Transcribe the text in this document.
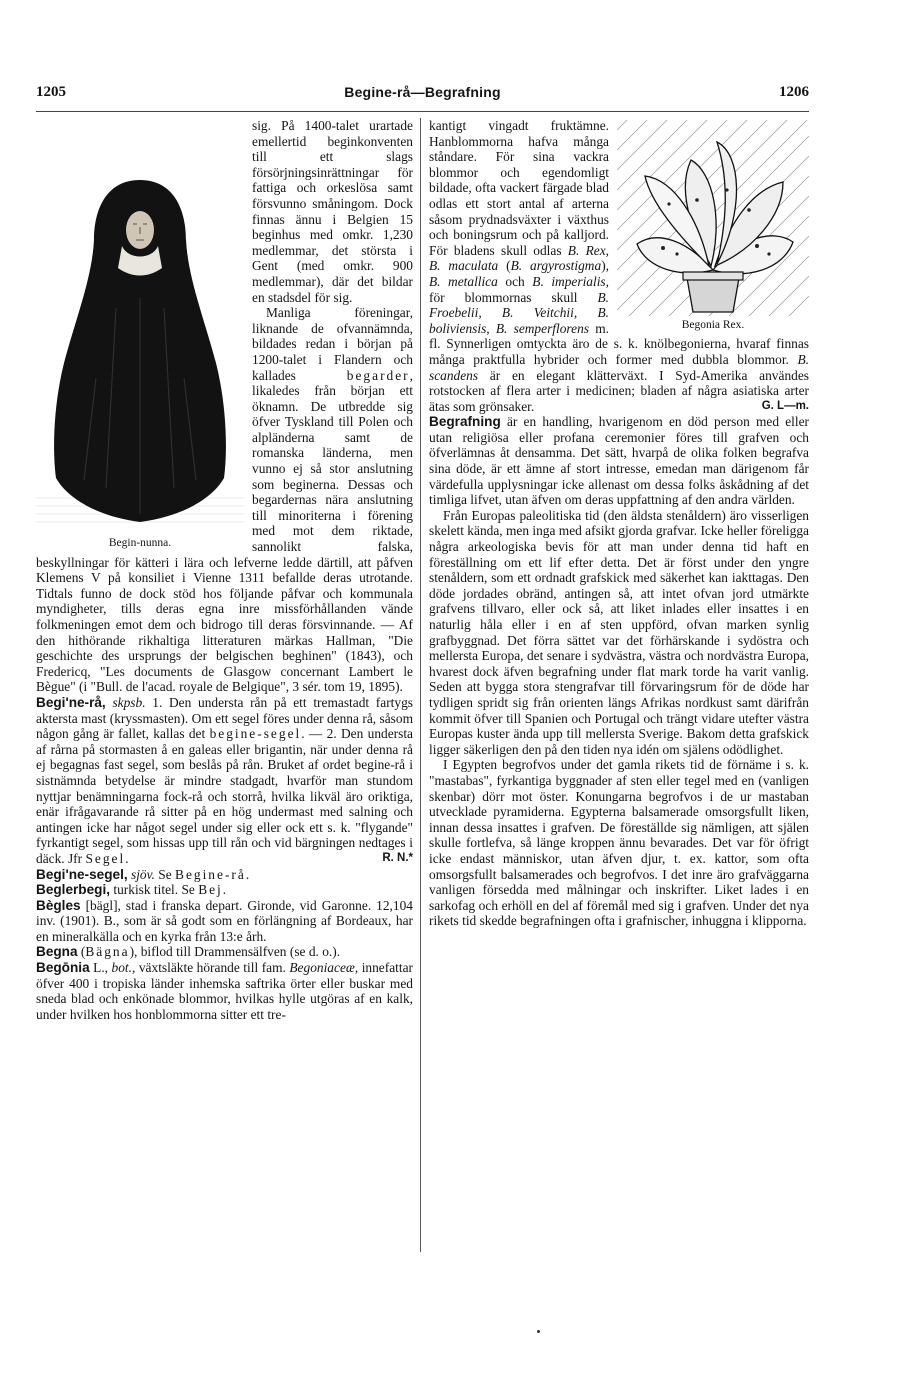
1205	Begine-rå—Begrafning	1206
Begin-nunna.

sig. På 1400-talet urartade emellertid beginkonventen till ett slags försörjningsinrättningar för fattiga och orkeslösa samt försvunno småningom. Dock finnas ännu i Belgien 15 beginhus med omkr. 1,230 medlemmar, det största i Gent (med omkr. 900 medlemmar), där det bildar en stadsdel för sig.

Manliga föreningar, liknande de ofvannämnda, bildades redan i början på 1200-talet i Flandern och kallades begarder, likaledes från början ett öknamn. De utbredde sig öfver Tyskland till Polen och alpländerna samt de romanska länderna, men vunno ej så stor anslutning som beginerna. Dessas och begardernas nära anslutning till minoriterna i förening med mot dem riktade, sannolikt falska, beskyllningar för kätteri i lära och lefverne ledde därtill, att påfven Klemens V på konsiliet i Vienne 1311 befallde deras utrotande. Tidtals funno de dock stöd hos följande påfvar och kommunala myndigheter, tills deras egna inre missförhållanden vände folkmeningen emot dem och bidrogo till deras försvinnande. — Af den hithörande rikhaltiga litteraturen märkas Hallman, "Die geschichte des ursprungs der belgischen beghinen" (1843), och Fredericq, "Les documents de Glasgow concernant Lambert le Bègue" (i "Bull. de l'acad. royale de Belgique", 3 sér. tom 19, 1895).

Begi'ne-rå, skpsb. 1. Den understa rån på ett tremastadt fartygs aktersta mast (kryssmasten). Om ett segel föres under denna rå, såsom någon gång är fallet, kallas det begine-segel. — 2. Den understa af rårna på stormasten å en galeas eller brigantin, när under denna rå ej begagnas fast segel, som beslås på rån. Bruket af ordet begine-rå i sistnämnda betydelse är mindre stadgadt, hvarför man stundom nyttjar benämningarna fock-rå och storrå, hvilka likväl äro oriktiga, enär ifrågavarande rå sitter på en hög undermast med salning och antingen icke har något segel under sig eller ock ett s. k. "flygande" fyrkantigt segel, som hissas upp till rån och vid bärgningen nedtages i däck. Jfr Segel.	R. N.*

Begi'ne-segel, sjöv. Se Begine-rå.

Beglerbegi, turkisk titel. Se Bej.

Bègles [bägl], stad i franska depart. Gironde, vid Garonne. 12,104 inv. (1901). B., som är så godt som en förlängning af Bordeaux, har en mineralkälla och en kyrka från 13:e årh.

Begna (Bägna), biflod till Drammensälfven (se d. o.).

Begōnia L., bot., växtsläkte hörande till fam. Begoniaceæ, innefattar öfver 400 i tropiska länder inhemska saftrika örter eller buskar med sneda blad och enkönade blommor, hvilkas hylle utgöras af en kalk, under hvilken hos honblommorna sitter ett tre-

Begonia Rex.
kantigt vingadt fruktämne. Hanblommorna hafva många ståndare. För sina vackra blommor och egendomligt bildade, ofta vackert färgade blad odlas ett stort antal af arterna såsom prydnadsväxter i växthus och boningsrum och på kalljord. För bladens skull odlas B. Rex, B. maculata (B. argyrostigma), B. metallica och B. imperialis, för blommornas skull B. Froebelii, B. Veitchii, B. boliviensis, B. semperflorens m. fl. Synnerligen omtyckta äro de s. k. knölbegonierna, hvaraf finnas många praktfulla hybrider och former med dubbla blommor. B. scandens är en elegant klätterväxt. I Syd-Amerika användes rotstocken af flera arter i medicinen; bladen af några asiatiska arter ätas som grönsaker.	G. L—m.

Begrafning är en handling, hvarigenom en död person med eller utan religiösa eller profana ceremonier föres till grafven och öfverlämnas åt densamma. Det sätt, hvarpå de olika folken begrafva sina döde, är ett ämne af stort intresse, emedan man därigenom får värdefulla upplysningar icke allenast om dessa folks åskådning af det timliga lifvet, utan äfven om deras uppfattning af den andra världen.

Från Europas paleolitiska tid (den äldsta stenåldern) äro visserligen skelett kända, men inga med afsikt gjorda grafvar. Icke heller föreligga några arkeologiska bevis för att man under denna tid haft en föreställning om ett lif efter detta. Det är först under den yngre stenåldern, som ett ordnadt grafskick med säkerhet kan iakttagas. Den döde jordades obränd, antingen så, att intet ofvan jord utmärkte grafvens tillvaro, eller ock så, att liket inlades eller insattes i en naturlig håla eller i en af sten uppförd, ofvan marken synlig grafbyggnad. Det förra sättet var det förhärskande i sydöstra och mellersta Europa, det senare i sydvästra, västra och nordvästra Europa, hvarest dock äfven begrafning under flat mark torde ha varit vanlig. Seden att bygga stora stengrafvar till förvaringsrum för de döde har tydligen spridt sig från orienten längs Afrikas nordkust samt därifrån kommit öfver till Spanien och Portugal och trängt vidare utefter västra Europas kuster ända upp till mellersta Sverige. Bakom detta grafskick ligger säkerligen den på den tiden nya idén om själens odödlighet.

I Egypten begrofvos under det gamla rikets tid de förnäme i s. k. "mastabas", fyrkantiga byggnader af sten eller tegel med en (vanligen skenbar) dörr mot öster. Konungarna begrofvos i de ur mastaban utvecklade pyramiderna. Egypterna balsamerade omsorgsfullt liken, innan dessa insattes i grafven. De föreställde sig nämligen, att själen skulle fortlefva, så länge kroppen ännu bevarades. Det var för öfrigt icke endast människor, utan äfven djur, t. ex. kattor, som ofta omsorgsfullt balsamerades och begrofvos. I det inre äro grafväggarna vanligen försedda med målningar och inskrifter. Liket lades i en sarkofag och erhöll en del af föremål med sig i grafven. Under det nya rikets tid skedde begrafningen ofta i grafnischer, inhuggna i klipporna.
